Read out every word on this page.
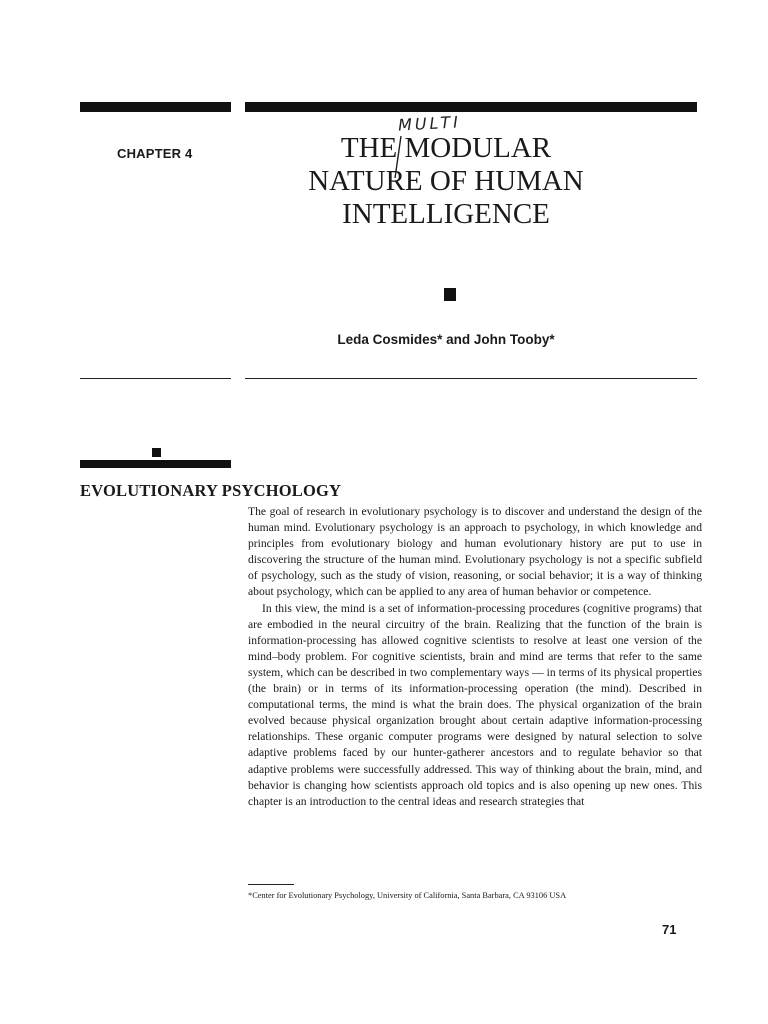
CHAPTER 4
MULTI
THE MODULAR
NATURE OF HUMAN
INTELLIGENCE
Leda Cosmides* and John Tooby*
EVOLUTIONARY PSYCHOLOGY

The goal of research in evolutionary psychology is to discover and understand the design of the human mind. Evolutionary psychology is an approach to psychology, in which knowledge and principles from evolutionary biology and human evolutionary history are put to use in discovering the structure of the human mind. Evolutionary psychology is not a specific subfield of psychology, such as the study of vision, reasoning, or social behavior; it is a way of thinking about psychology, which can be applied to any area of human behavior or competence.

In this view, the mind is a set of information-processing procedures (cognitive programs) that are embodied in the neural circuitry of the brain. Realizing that the function of the brain is information-processing has allowed cognitive scientists to resolve at least one version of the mind–body problem. For cognitive scientists, brain and mind are terms that refer to the same system, which can be described in two complementary ways — in terms of its physical properties (the brain) or in terms of its information-processing operation (the mind). Described in computational terms, the mind is what the brain does. The physical organization of the brain evolved because physical organization brought about certain adaptive information-processing relationships. These organic computer programs were designed by natural selection to solve adaptive problems faced by our hunter-gatherer ancestors and to regulate behavior so that adaptive problems were successfully addressed. This way of thinking about the brain, mind, and behavior is changing how scientists approach old topics and is also opening up new ones. This chapter is an introduction to the central ideas and research strategies that

*Center for Evolutionary Psychology, University of California, Santa Barbara, CA 93106 USA
71
